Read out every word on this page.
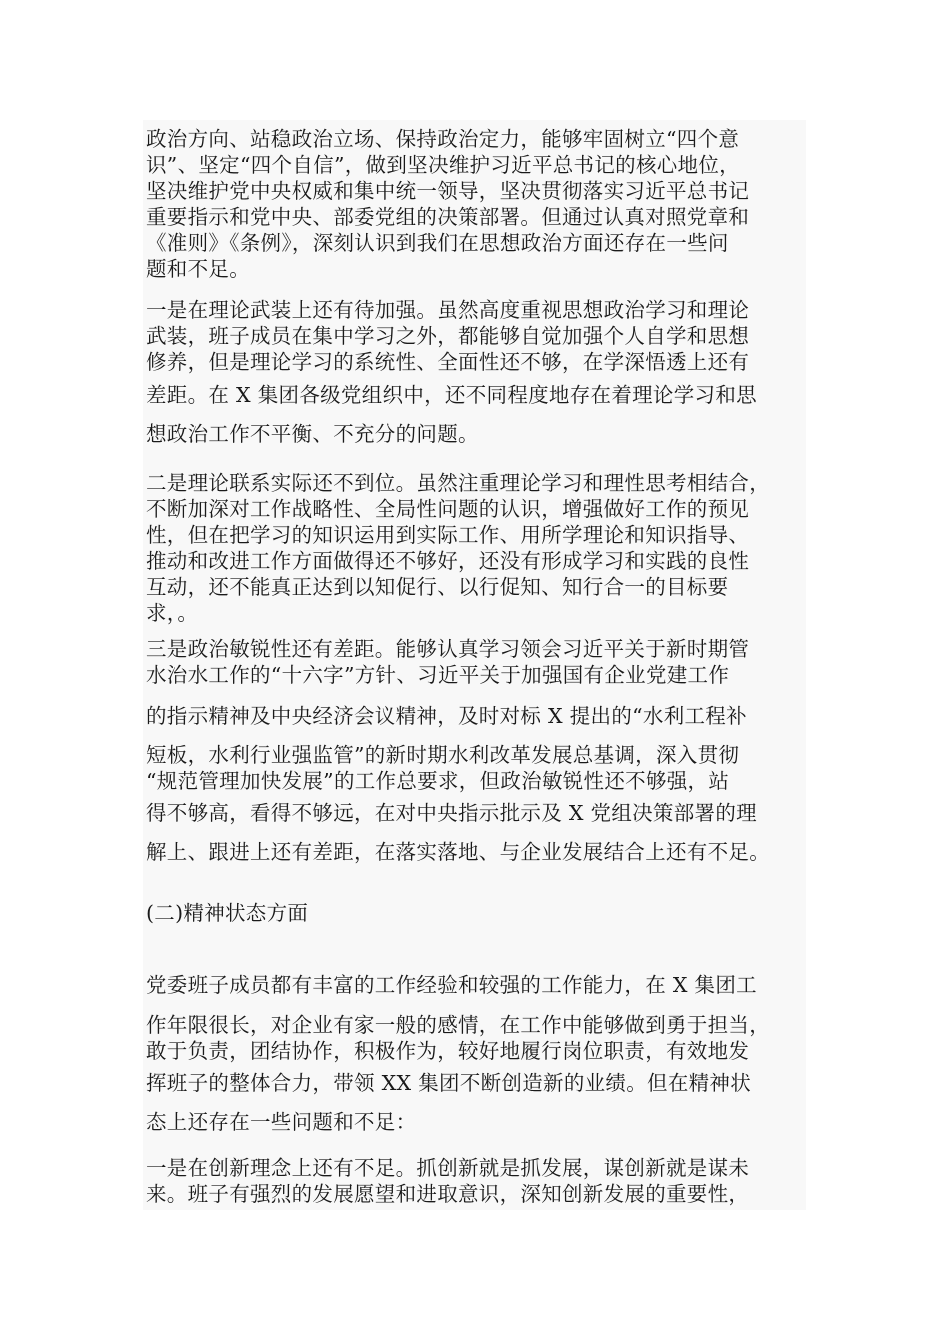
政治方向、站稳政治立场、保持政治定力，能够牢固树立“四个意
识”、坚定“四个自信”，做到坚决维护习近平总书记的核心地位，
坚决维护党中央权威和集中统一领导，坚决贯彻落实习近平总书记
重要指示和党中央、部委党组的决策部署。但通过认真对照党章和
《准则》《条例》，深刻认识到我们在思想政治方面还存在一些问
题和不足。
一是在理论武装上还有待加强。虽然高度重视思想政治学习和理论
武装，班子成员在集中学习之外，都能够自觉加强个人自学和思想
修养，但是理论学习的系统性、全面性还不够，在学深悟透上还有
差距。在 X 集团各级党组织中，还不同程度地存在着理论学习和思
想政治工作不平衡、不充分的问题。
二是理论联系实际还不到位。虽然注重理论学习和理性思考相结合，
不断加深对工作战略性、全局性问题的认识，增强做好工作的预见
性，但在把学习的知识运用到实际工作、用所学理论和知识指导、
推动和改进工作方面做得还不够好，还没有形成学习和实践的良性
互动，还不能真正达到以知促行、以行促知、知行合一的目标要
求，。
三是政治敏锐性还有差距。能够认真学习领会习近平关于新时期管
水治水工作的“十六字”方针、习近平关于加强国有企业党建工作
的指示精神及中央经济会议精神，及时对标 X 提出的“水利工程补
短板，水利行业强监管”的新时期水利改革发展总基调，深入贯彻
“规范管理加快发展”的工作总要求，但政治敏锐性还不够强，站
得不够高，看得不够远，在对中央指示批示及 X 党组决策部署的理
解上、跟进上还有差距，在落实落地、与企业发展结合上还有不足。
(二)精神状态方面
党委班子成员都有丰富的工作经验和较强的工作能力，在 X 集团工
作年限很长，对企业有家一般的感情，在工作中能够做到勇于担当，
敢于负责，团结协作，积极作为，较好地履行岗位职责，有效地发
挥班子的整体合力，带领 XX 集团不断创造新的业绩。但在精神状
态上还存在一些问题和不足：
一是在创新理念上还有不足。抓创新就是抓发展，谋创新就是谋未
来。班子有强烈的发展愿望和进取意识，深知创新发展的重要性，
